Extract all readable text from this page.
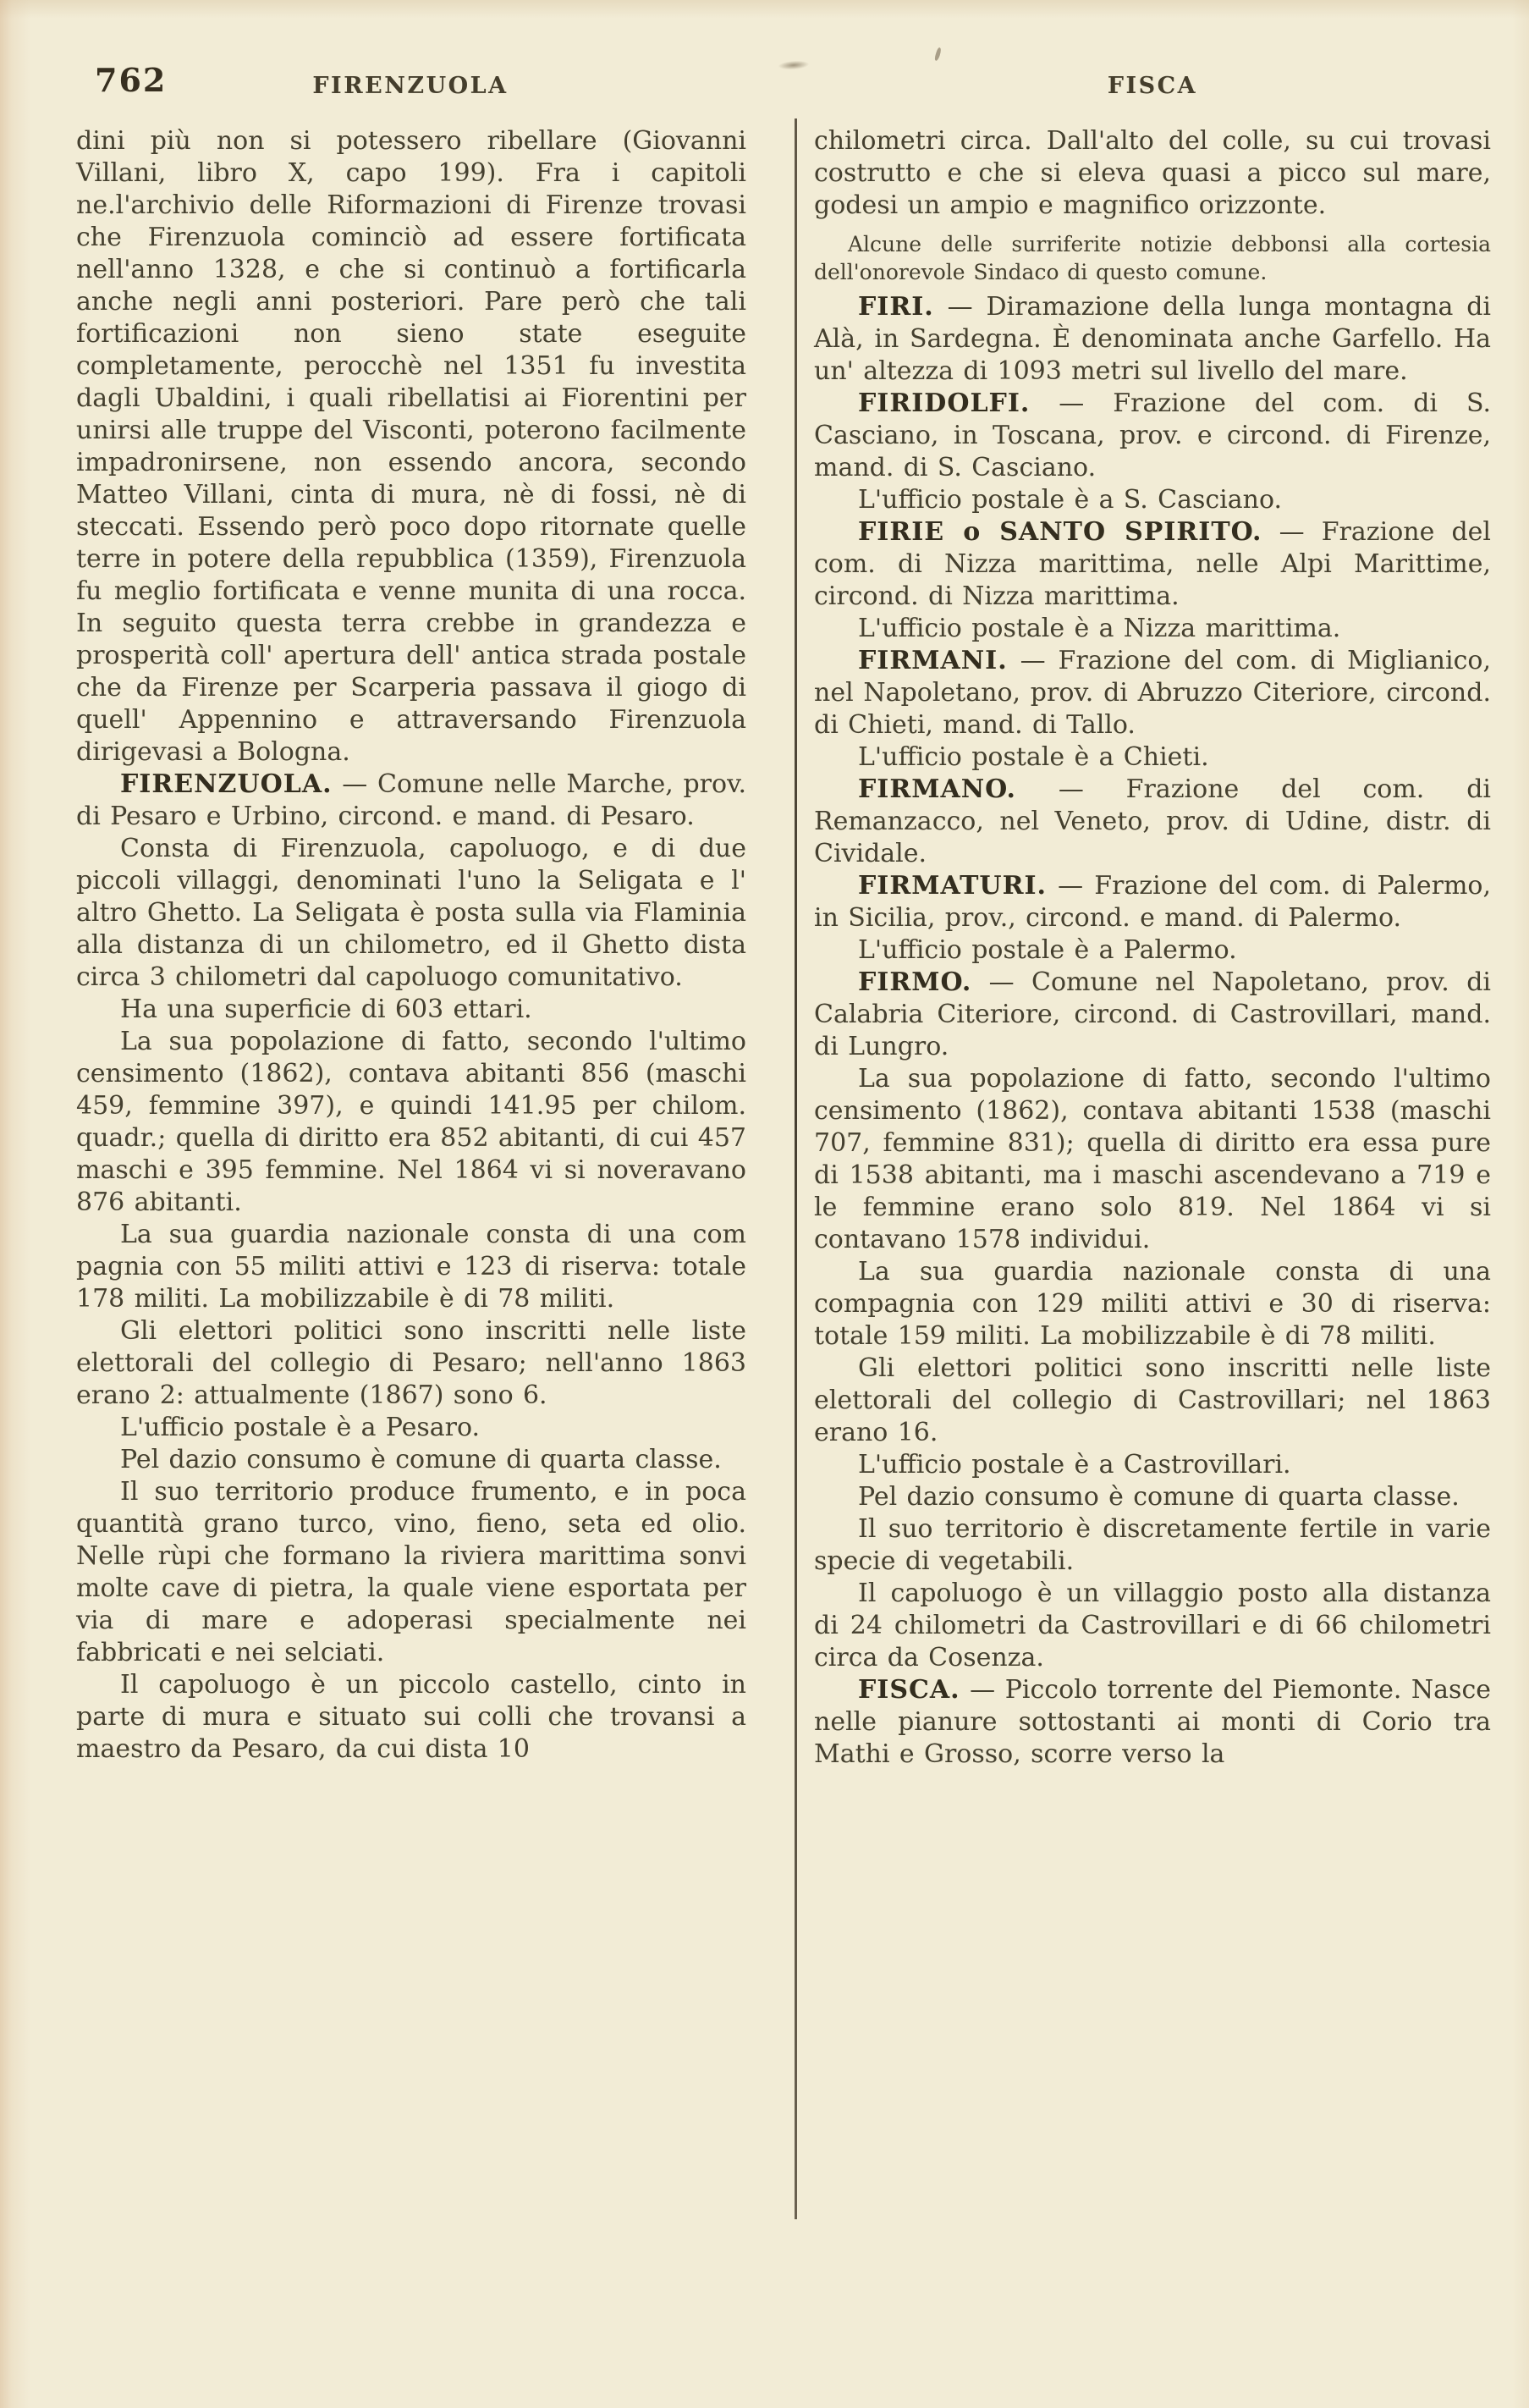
762	FIRENZUOLA	FISCA

dini più non si potessero ribellare (Giovanni Villani, libro X, capo 199). Fra i capitoli ne.l'archivio delle Riformazioni di Firenze trovasi che Firenzuola cominciò ad essere fortificata nell'anno 1328, e che si continuò a fortificarla anche negli anni posteriori. Pare però che tali fortificazioni non sieno state eseguite completamente, perocchè nel 1351 fu investita dagli Ubaldini, i quali ribellatisi ai Fiorentini per unirsi alle truppe del Visconti, poterono facilmente impadronirsene, non essendo ancora, secondo Matteo Villani, cinta di mura, nè di fossi, nè di steccati. Essendo però poco dopo ritornate quelle terre in potere della repubblica (1359), Firenzuola fu meglio fortificata e venne munita di una rocca. In seguito questa terra crebbe in grandezza e prosperità coll' apertura dell' antica strada postale che da Firenze per Scarperia passava il giogo di quell' Appennino e attraversando Firenzuola dirigevasi a Bologna.

FIRENZUOLA. — Comune nelle Marche, prov. di Pesaro e Urbino, circond. e mand. di Pesaro.

Consta di Firenzuola, capoluogo, e di due piccoli villaggi, denominati l'uno la Seligata e l' altro Ghetto. La Seligata è posta sulla via Flaminia alla distanza di un chilometro, ed il Ghetto dista circa 3 chilometri dal capoluogo comunitativo.

Ha una superficie di 603 ettari.

La sua popolazione di fatto, secondo l'ultimo censimento (1862), contava abitanti 856 (maschi 459, femmine 397), e quindi 141.95 per chilom. quadr.; quella di diritto era 852 abitanti, di cui 457 maschi e 395 femmine. Nel 1864 vi si noveravano 876 abitanti.

La sua guardia nazionale consta di una com pagnia con 55 militi attivi e 123 di riserva: totale 178 militi. La mobilizzabile è di 78 militi.

Gli elettori politici sono inscritti nelle liste elettorali del collegio di Pesaro; nell'anno 1863 erano 2: attualmente (1867) sono 6.

L'ufficio postale è a Pesaro.

Pel dazio consumo è comune di quarta classe.

Il suo territorio produce frumento, e in poca quantità grano turco, vino, fieno, seta ed olio. Nelle rùpi che formano la riviera marittima sonvi molte cave di pietra, la quale viene esportata per via di mare e adoperasi specialmente nei fabbricati e nei selciati.

Il capoluogo è un piccolo castello, cinto in parte di mura e situato sui colli che trovansi a maestro da Pesaro, da cui dista 10

chilometri circa. Dall'alto del colle, su cui trovasi costrutto e che si eleva quasi a picco sul mare, godesi un ampio e magnifico orizzonte.

Alcune delle surriferite notizie debbonsi alla cortesia dell'onorevole Sindaco di questo comune.

FIRI. — Diramazione della lunga montagna di Alà, in Sardegna. È denominata anche Garfello. Ha un' altezza di 1093 metri sul livello del mare.

FIRIDOLFI. — Frazione del com. di S. Casciano, in Toscana, prov. e circond. di Firenze, mand. di S. Casciano.

L'ufficio postale è a S. Casciano.

FIRIE o SANTO SPIRITO. — Frazione del com. di Nizza marittima, nelle Alpi Marittime, circond. di Nizza marittima.

L'ufficio postale è a Nizza marittima.

FIRMANI. — Frazione del com. di Miglianico, nel Napoletano, prov. di Abruzzo Citeriore, circond. di Chieti, mand. di Tallo.

L'ufficio postale è a Chieti.

FIRMANO. — Frazione del com. di Remanzacco, nel Veneto, prov. di Udine, distr. di Cividale.

FIRMATURI. — Frazione del com. di Palermo, in Sicilia, prov., circond. e mand. di Palermo.

L'ufficio postale è a Palermo.

FIRMO. — Comune nel Napoletano, prov. di Calabria Citeriore, circond. di Castrovillari, mand. di Lungro.

La sua popolazione di fatto, secondo l'ultimo censimento (1862), contava abitanti 1538 (maschi 707, femmine 831); quella di diritto era essa pure di 1538 abitanti, ma i maschi ascendevano a 719 e le femmine erano solo 819. Nel 1864 vi si contavano 1578 individui.

La sua guardia nazionale consta di una compagnia con 129 militi attivi e 30 di riserva: totale 159 militi. La mobilizzabile è di 78 militi.

Gli elettori politici sono inscritti nelle liste elettorali del collegio di Castrovillari; nel 1863 erano 16.

L'ufficio postale è a Castrovillari.

Pel dazio consumo è comune di quarta classe.

Il suo territorio è discretamente fertile in varie specie di vegetabili.

Il capoluogo è un villaggio posto alla distanza di 24 chilometri da Castrovillari e di 66 chilometri circa da Cosenza.

FISCA. — Piccolo torrente del Piemonte. Nasce nelle pianure sottostanti ai monti di Corio tra Mathi e Grosso, scorre verso la
